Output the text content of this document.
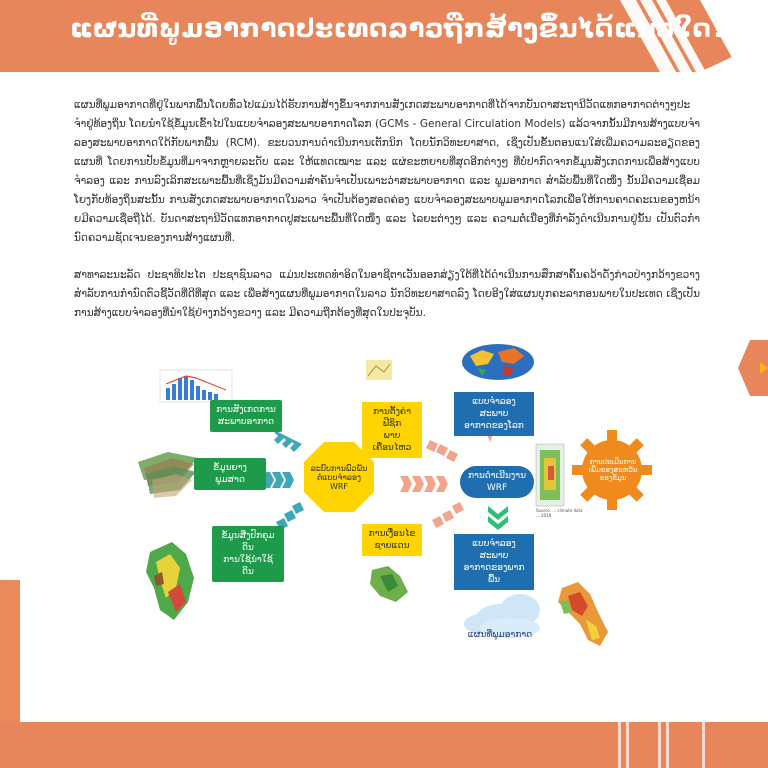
ແຜນທີ່ພູມອາກາດປະເທດລາວຖືກສ້າງຂຶ້ນໄດ້ແນວໃດ?

ແຜນທີ່ພູມອາກາດທີ່ຢູ່ໃນພາກພື້ນໂດຍທົ່ວໄປແມ່ນໄດ້ຮັບການສ້າງຂຶ້ນຈາກການສັງເກດສະພາບອາກາດທີ່ໄດ້ຈາກບັນດາສະຖານີວັດແທກອາກາດຕ່າງໆປະຈໍາຢູ່ທ້ອງຖິ່ນ ໂດຍນໍາໃຊ້ຂໍ້ມູນເຂົ້າໄປໃນແບບຈໍາລອງສະພາບອາກາດໂລກ (GCMs - General Circulation Models) ແລ້ວຈາກນັ້ນມີການສ້າງແບບຈໍາລອງສະພາບອາກາດໃດ້ກັບພາກພື້ນ (RCM). ຂະບວນການດໍາເນີນການເຕັກນິກ ໂດຍນັກວິທະຍາສາດ, ເຊິ່ງເປັນຂັ້ນຕອນແນໃສ່ເພີ່ມຄວາມລະອຽດຂອງແຜນທີ່ ໂດຍການປັບຂໍ້ມູນທີ່ມາຈາກຫຼາຍລະດັບ ແລະ ໃຫ້ແທດເໝາະ ແລະ ແຜ່ຂະຫຍາຍທີ່ສຸດອີກຕ່າງໆ ທີ່ບໍ່ປາກົດຈາກຂໍ້ມູນສັງເກດການເພື່ອສ້າງແບບຈໍາລອງ ແລະ ການລົງເລິກສະເພາະພື້ນທີ່ເຊິ່ງມັນມີຄວາມສໍາຄັນຈໍາເປັນເພາະວ່າສະພາບອາກາດ ແລະ ພູມອາກາດ ສໍາລັບພື້ນທີ່ໃດໜຶ່ງ ນັ້ນມີຄວາມເຊື່ອມໂຍງກັບທ້ອງຖິ່ນສະນັ້ນ ການສັງເກດສະພາບອາກາດໃນລາວ ຈໍາເປັນຕ້ອງສອດຄ່ອງ ແບບຈໍາລອງສະພາບພູມອາກາດໂລກເພື່ອໃຫ້ການຄາດຄະເນຂອງຫນ້າຍມີຄວາມເຊື່ອຖືໄດ້. ບັນດາສະຖານີວັດແທກອາກາດປູສະເພາະພື້ນທີ່ໃດໜຶ່ງ ແລະ ໄລຍະຕ່າງໆ ແລະ ຄວາມຕໍ່ເນື່ອງທີ່ກໍາລັງດໍາເນີນການຢູ່ນັ້ນ ເປັນຕົວກໍານົດຄວາມຊັດເຈນຂອງການສ້າງແຜນທີ່.

ສາທາລະນະລັດ ປະຊາທິປະໄຕ ປະຊາຊົນລາວ ແມ່ນປະເທດທໍາອິດໃນອາຊີຕາເວັນອອກສ່ຽງໃຕ້ທີ່ໄດ້ດໍາເນີນການສຶກສາຄົ້ນຄວ້າດັ່ງກ່າວປ່າງກວ້າງຂວາງ ສໍາລັບການກໍານົດຕົວຊີ້ວັດທີ່ດີທີ່ສຸດ ແລະ ເພື່ອສ້າງແຜນທີ່ພູມອາກາດໃນລາວ ນັກວິທະຍາສາດລົງ ໂດຍອີງໃສ່ແຜນບຸກຄະລາກອນພາຍໃນປະເທດ ເຊິ່ງເປັນການສ້າງແບບຈໍາລອງທີ່ນໍາໃຊ້ຢ່າງກວ້າງຂວາງ ແລະ ມີຄວາມຖືກຕ້ອງທີ່ສຸດໃນປະຈຸບັນ.

ການສັງເກດການ
ສະພາບອາກາດ
ຂໍ້ມູນຍາງພູມສາດ
ຂໍ້ມູນສີ່ງປົກຄຸມດິນ
ການໃຊ້ນໍາໃຊ້ດິນ
ການຕັ້ງຄ່າຟີຊິກ
ພາບເຄື່ອນໄຫວ
ລະບົບການພົວພັນ
ຕໍ່ແບບຈໍາລອງ WRF
ການເງື່ອນໄຂ
ຊາຍແດນ
ແບບຈໍາລອງສະພາບ
ອາກາດຂອງໂລກ
ການດໍາເນີນງານ
WRF
ແບບຈໍາລອງສະພາບ
ອາກາດຂອງພາກພື້ນ
ການປະເມີນການ
ເພີ່ມຂອງສະຫວັນ
ຂອງຂໍ້ມູນ
ແຜນທີ່ພູມອາກາດ
Source: ... climate data ... 2019
